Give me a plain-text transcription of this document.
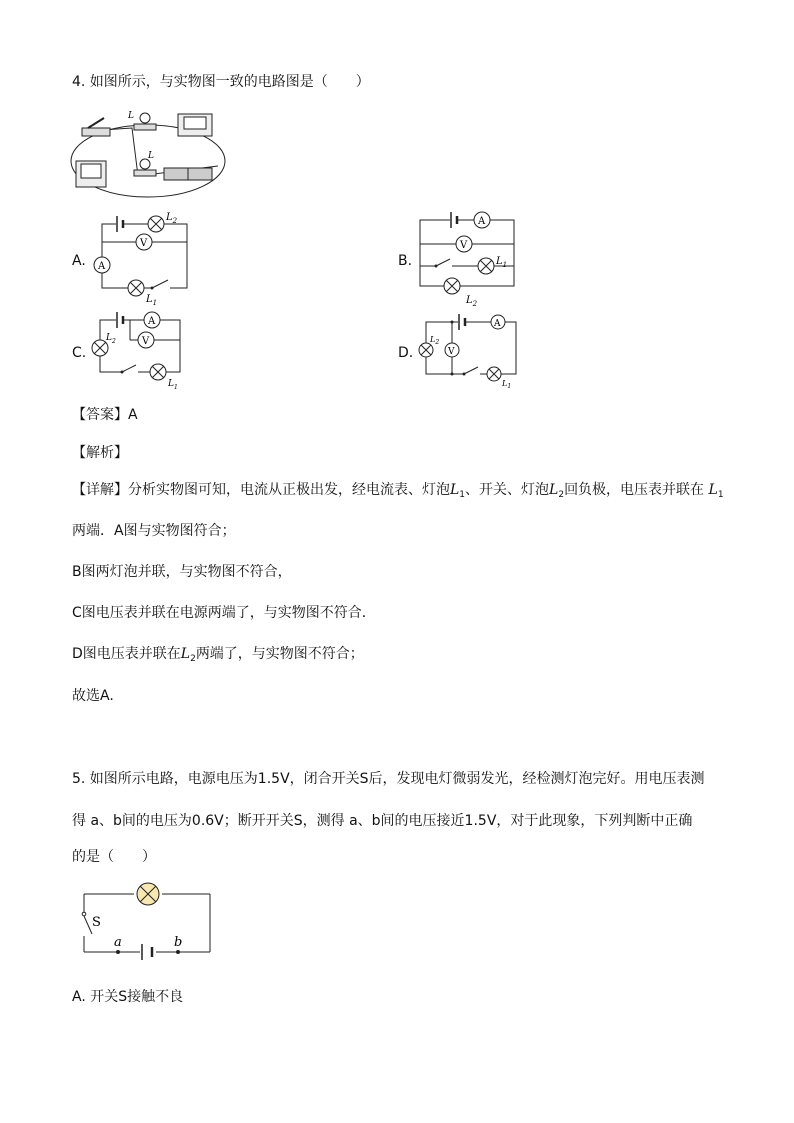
4. 如图所示，与实物图一致的电路图是（　　）
L
L
A.
$L_2$
V
A
$L_1$
B.
A
V
$L_1$
$L_2$
C.
A
V
$L_2$
$L_1$
D.
A
V
$L_2$
$L_1$
【答案】A
【解析】
【详解】分析实物图可知，电流从正极出发，经电流表、灯泡$L_1$、开关、灯泡$L_2$回负极，电压表并联在 $L_1$
两端．A图与实物图符合；
B图两灯泡并联，与实物图不符合，
C图电压表并联在电源两端了，与实物图不符合．
D图电压表并联在$L_2$两端了，与实物图不符合；
故选A.
5. 如图所示电路，电源电压为1.5V，闭合开关S后，发现电灯微弱发光，经检测灯泡完好。用电压表测
得 a、b间的电压为0.6V；断开开关S，测得 a、b间的电压接近1.5V，对于此现象，下列判断中正确
的是（　　）
S
a	b
A. 开关S接触不良
